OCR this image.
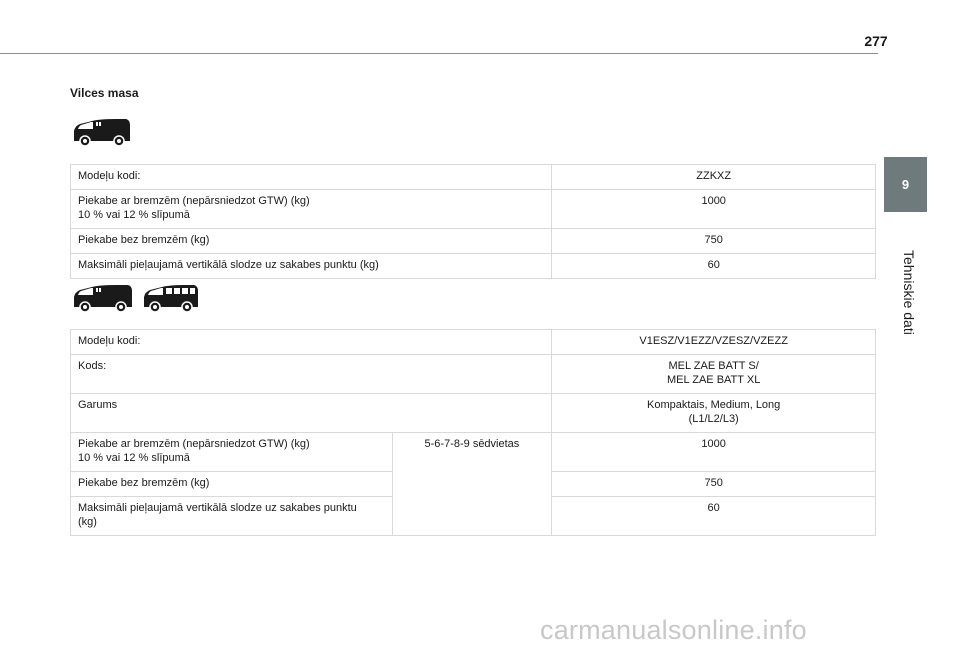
277
9
Tehniskie dati
Vilces masa
Modeļu kodi:	ZZKXZ

Piekabe ar bremzēm (nepārsniedzot GTW) (kg)
10 % vai 12 % slīpumā	1000

Piekabe bez bremzēm (kg)	750

Maksimāli pieļaujamā vertikālā slodze uz sakabes punktu (kg)	60
Modeļu kodi:		V1ESZ/V1EZZ/VZESZ/VZEZZ

Kods:		MEL ZAE BATT S/
MEL ZAE BATT XL

Garums		Kompaktais, Medium, Long
(L1/L2/L3)

Piekabe ar bremzēm (nepārsniedzot GTW) (kg)
10 % vai 12 % slīpumā	5-6-7-8-9 sēdvietas	1000

Piekabe bez bremzēm (kg)		750

Maksimāli pieļaujamā vertikālā slodze uz sakabes punktu
(kg)		60
carmanualsonline.info
